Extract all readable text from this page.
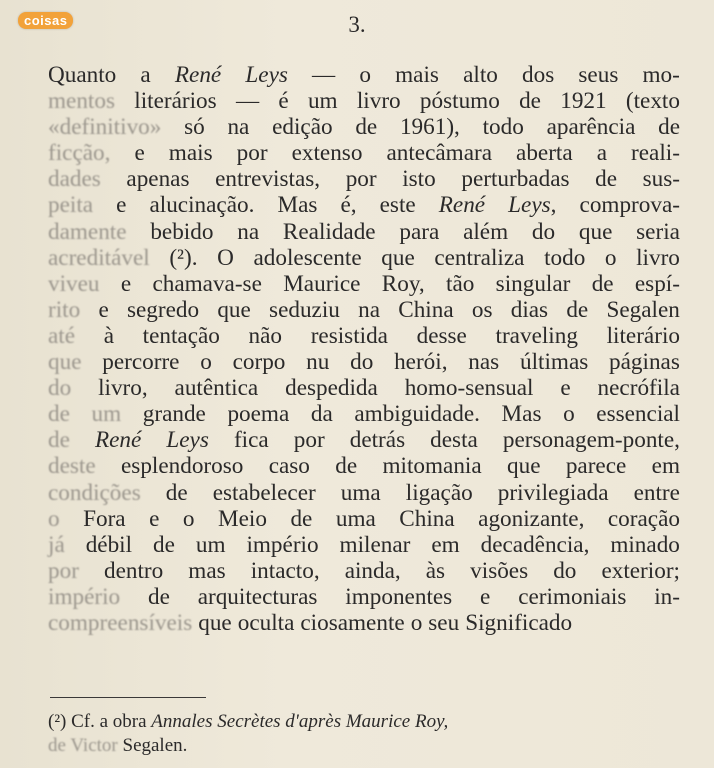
coisas	3.
Quanto a René Leys — o mais alto dos seus mo-
mentos literários — é um livro póstumo de 1921 (texto
«definitivo» só na edição de 1961), todo aparência de
ficção, e mais por extenso antecâmara aberta a reali-
dades apenas entrevistas, por isto perturbadas de sus-
peita e alucinação. Mas é, este René Leys, comprova-
damente bebido na Realidade para além do que seria
acreditável (²). O adolescente que centraliza todo o livro
viveu e chamava-se Maurice Roy, tão singular de espí-
rito e segredo que seduziu na China os dias de Segalen
até à tentação não resistida desse traveling literário
que percorre o corpo nu do herói, nas últimas páginas
do livro, autêntica despedida homo-sensual e necrófila
de um grande poema da ambiguidade. Mas o essencial
de René Leys fica por detrás desta personagem-ponte,
deste esplendoroso caso de mitomania que parece em
condições de estabelecer uma ligação privilegiada entre
o Fora e o Meio de uma China agonizante, coração
já débil de um império milenar em decadência, minado
por dentro mas intacto, ainda, às visões do exterior;
império de arquitecturas imponentes e cerimoniais in-
compreensíveis que oculta ciosamente o seu Significado
(²) Cf. a obra Annales Secrètes d'après Maurice Roy,
de Victor Segalen.
